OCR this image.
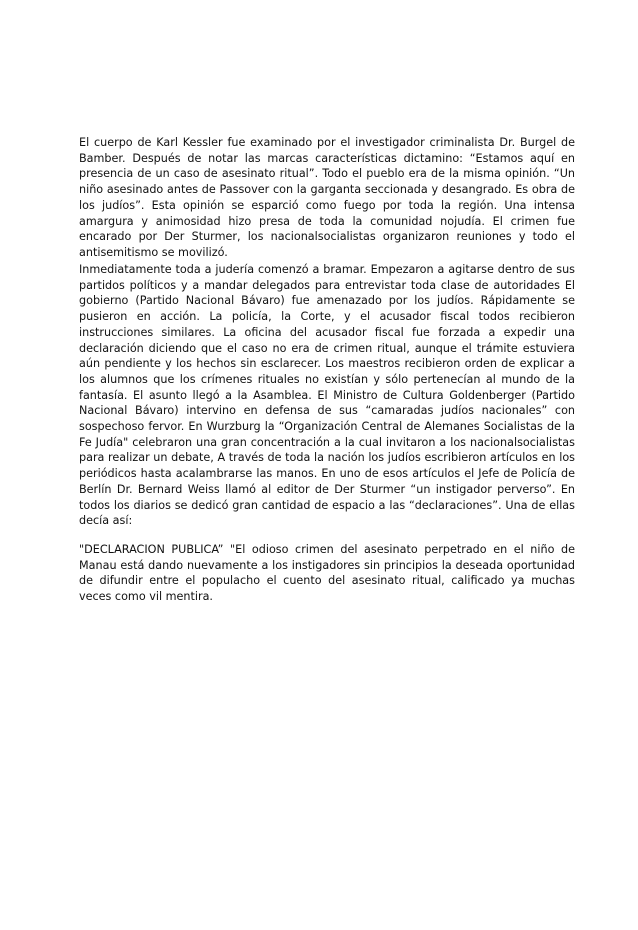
El cuerpo de Karl Kessler fue examinado por el investigador criminalista Dr. Burgel de Bamber. Después de notar las marcas características dictamino: “Estamos aquí en presencia de un caso de asesinato ritual”. Todo el pueblo era de la misma opinión. “Un niño asesinado antes de Passover con la garganta seccionada y desangrado. Es obra de los judíos”. Esta opinión se esparció como fuego por toda la región. Una intensa amargura y animosidad hizo presa de toda la comunidad nojudía. El crimen fue encarado por Der Sturmer, los nacionalsocialistas organizaron reuniones y todo el antisemitismo se movilizó.

Inmediatamente toda a judería comenzó a bramar. Empezaron a agitarse dentro de sus partidos políticos y a mandar delegados para entrevistar toda clase de autoridades El gobierno (Partido Nacional Bávaro) fue amenazado por los judíos. Rápidamente se pusieron en acción. La policía, la Corte, y el acusador fiscal todos recibieron instrucciones similares. La oficina del acusador fiscal fue forzada a expedir una declaración diciendo que el caso no era de crimen ritual, aunque el trámite estuviera aún pendiente y los hechos sin esclarecer. Los maestros recibieron orden de explicar a los alumnos que los crímenes rituales no existían y sólo pertenecían al mundo de la fantasía. El asunto llegó a la Asamblea. El Ministro de Cultura Goldenberger (Partido Nacional Bávaro) intervino en defensa de sus “camaradas judíos nacionales” con sospechoso fervor. En Wurzburg la “Organización Central de Alemanes Socialistas de la Fe Judía" celebraron una gran concentración a la cual invitaron a los nacionalsocialistas para realizar un debate, A través de toda la nación los judíos escribieron artículos en los periódicos hasta acalambrarse las manos. En uno de esos artículos el Jefe de Policía de Berlín Dr. Bernard Weiss llamó al editor de Der Sturmer “un instigador perverso”. En todos los diarios se dedicó gran cantidad de espacio a las “declaraciones”. Una de ellas decía así:

"DECLARACION PUBLICA” "El odioso crimen del asesinato perpetrado en el niño de Manau está dando nuevamente a los instigadores sin principios la deseada oportunidad de difundir entre el populacho el cuento del asesinato ritual, calificado ya muchas veces como vil mentira.
